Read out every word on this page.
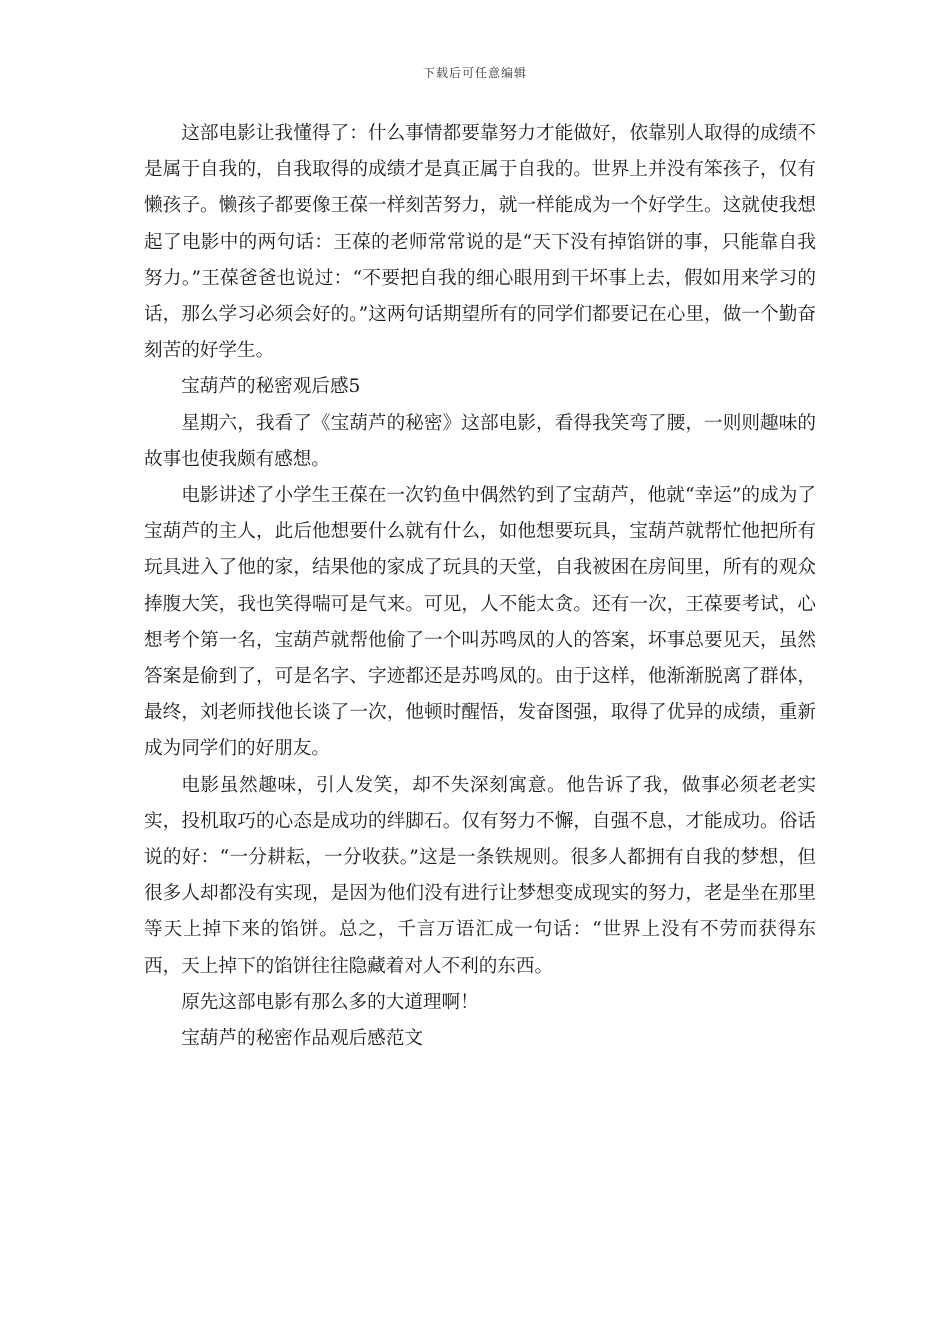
下载后可任意编辑

这部电影让我懂得了：什么事情都要靠努力才能做好，依靠别人取得的成绩不是属于自我的，自我取得的成绩才是真正属于自我的。世界上并没有笨孩子，仅有懒孩子。懒孩子都要像王葆一样刻苦努力，就一样能成为一个好学生。这就使我想起了电影中的两句话：王葆的老师常常说的是“天下没有掉馅饼的事，只能靠自我努力。”王葆爸爸也说过：“不要把自我的细心眼用到干坏事上去，假如用来学习的话，那么学习必须会好的。”这两句话期望所有的同学们都要记在心里，做一个勤奋刻苦的好学生。

宝葫芦的秘密观后感5

星期六，我看了《宝葫芦的秘密》这部电影，看得我笑弯了腰，一则则趣味的故事也使我颇有感想。

电影讲述了小学生王葆在一次钓鱼中偶然钓到了宝葫芦，他就“幸运”的成为了宝葫芦的主人，此后他想要什么就有什么，如他想要玩具，宝葫芦就帮忙他把所有玩具进入了他的家，结果他的家成了玩具的天堂，自我被困在房间里，所有的观众捧腹大笑，我也笑得喘可是气来。可见，人不能太贪。还有一次，王葆要考试，心想考个第一名，宝葫芦就帮他偷了一个叫苏鸣凤的人的答案，坏事总要见天，虽然答案是偷到了，可是名字、字迹都还是苏鸣凤的。由于这样，他渐渐脱离了群体，最终，刘老师找他长谈了一次，他顿时醒悟，发奋图强，取得了优异的成绩，重新成为同学们的好朋友。

电影虽然趣味，引人发笑，却不失深刻寓意。他告诉了我，做事必须老老实实，投机取巧的心态是成功的绊脚石。仅有努力不懈，自强不息，才能成功。俗话说的好：“一分耕耘，一分收获。”这是一条铁规则。很多人都拥有自我的梦想，但很多人却都没有实现，是因为他们没有进行让梦想变成现实的努力，老是坐在那里等天上掉下来的馅饼。总之，千言万语汇成一句话：“世界上没有不劳而获得东西，天上掉下的馅饼往往隐藏着对人不利的东西。

原先这部电影有那么多的大道理啊！

宝葫芦的秘密作品观后感范文
